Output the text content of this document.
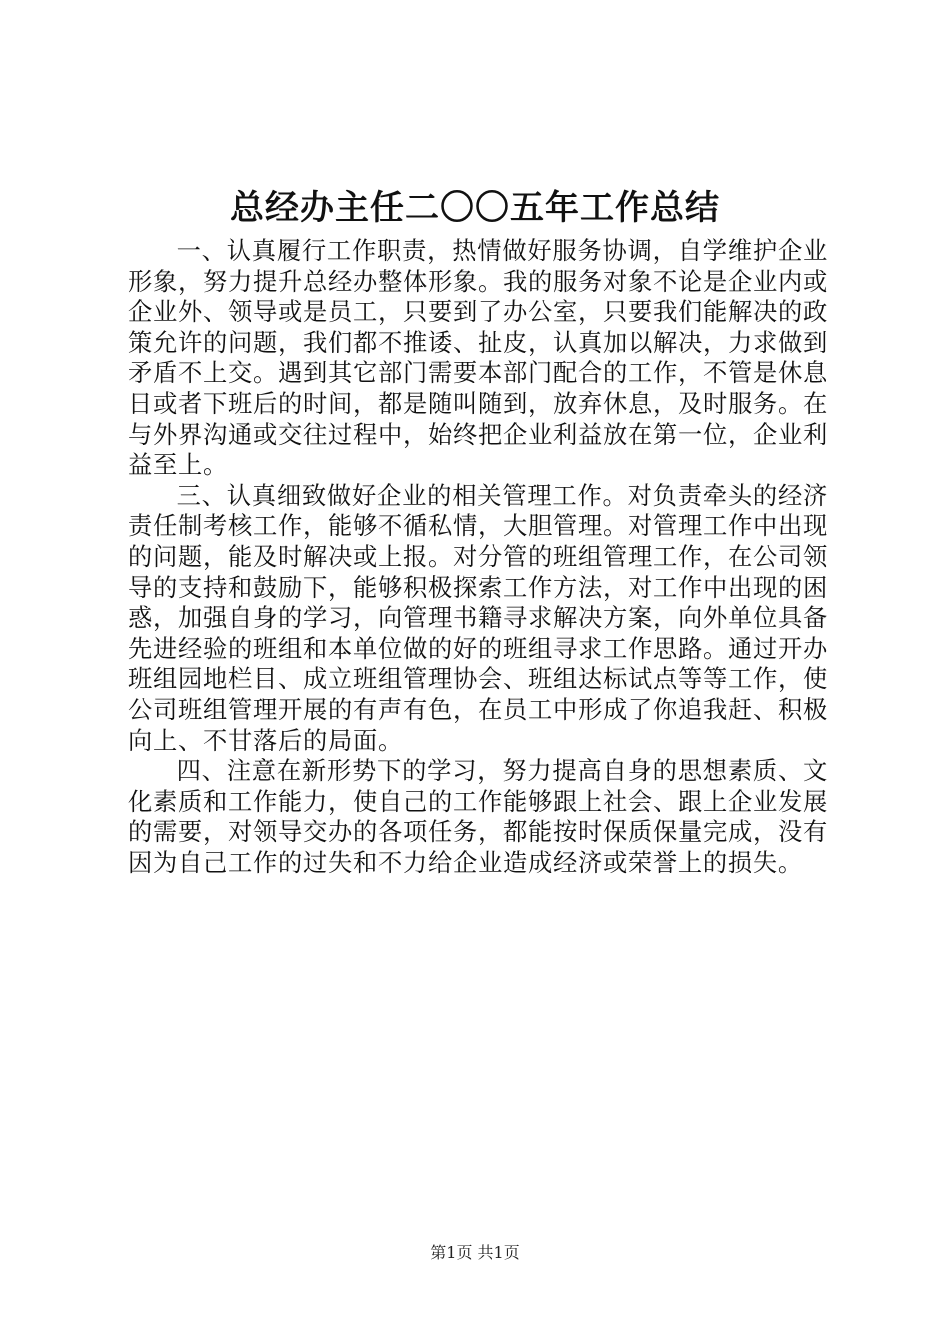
总经办主任二〇〇五年工作总结

一、认真履行工作职责，热情做好服务协调，自学维护企业形象，努力提升总经办整体形象。我的服务对象不论是企业内或企业外、领导或是员工，只要到了办公室，只要我们能解决的政策允许的问题，我们都不推诿、扯皮，认真加以解决，力求做到矛盾不上交。遇到其它部门需要本部门配合的工作，不管是休息日或者下班后的时间，都是随叫随到，放弃休息，及时服务。在与外界沟通或交往过程中，始终把企业利益放在第一位，企业利益至上。

三、认真细致做好企业的相关管理工作。对负责牵头的经济责任制考核工作，能够不循私情，大胆管理。对管理工作中出现的问题，能及时解决或上报。对分管的班组管理工作，在公司领导的支持和鼓励下，能够积极探索工作方法，对工作中出现的困惑，加强自身的学习，向管理书籍寻求解决方案，向外单位具备先进经验的班组和本单位做的好的班组寻求工作思路。通过开办班组园地栏目、成立班组管理协会、班组达标试点等等工作，使公司班组管理开展的有声有色，在员工中形成了你追我赶、积极向上、不甘落后的局面。

四、注意在新形势下的学习，努力提高自身的思想素质、文化素质和工作能力，使自己的工作能够跟上社会、跟上企业发展的需要，对领导交办的各项任务，都能按时保质保量完成，没有因为自己工作的过失和不力给企业造成经济或荣誉上的损失。

第1页 共1页
